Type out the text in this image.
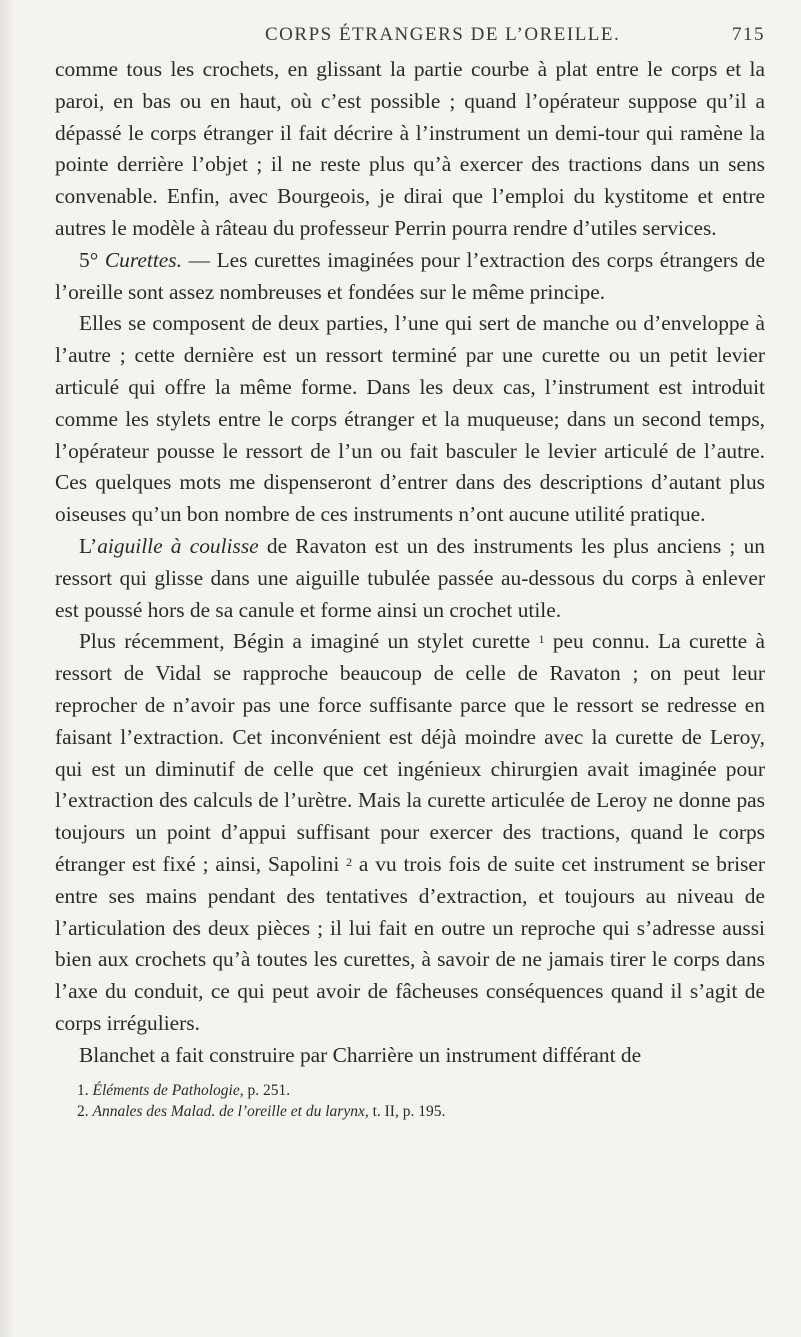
CORPS ÉTRANGERS DE L’OREILLE.	715

comme tous les crochets, en glissant la partie courbe à plat entre le corps et la paroi, en bas ou en haut, où c’est possible ; quand l’opérateur suppose qu’il a dépassé le corps étranger il fait décrire à l’instrument un demi-tour qui ramène la pointe derrière l’objet ; il ne reste plus qu’à exercer des tractions dans un sens convenable. Enfin, avec Bourgeois, je dirai que l’emploi du kystitome et entre autres le modèle à râteau du professeur Perrin pourra rendre d’utiles services.

5° Curettes. — Les curettes imaginées pour l’extraction des corps étrangers de l’oreille sont assez nombreuses et fondées sur le même principe.

Elles se composent de deux parties, l’une qui sert de manche ou d’enveloppe à l’autre ; cette dernière est un ressort terminé par une curette ou un petit levier articulé qui offre la même forme. Dans les deux cas, l’instrument est introduit comme les stylets entre le corps étranger et la muqueuse; dans un second temps, l’opérateur pousse le ressort de l’un ou fait basculer le levier articulé de l’autre. Ces quelques mots me dispenseront d’entrer dans des descriptions d’autant plus oiseuses qu’un bon nombre de ces instruments n’ont aucune utilité pratique.

L’aiguille à coulisse de Ravaton est un des instruments les plus anciens ; un ressort qui glisse dans une aiguille tubulée passée au-dessous du corps à enlever est poussé hors de sa canule et forme ainsi un crochet utile.

Plus récemment, Bégin a imaginé un stylet curette $^1$ peu connu. La curette à ressort de Vidal se rapproche beaucoup de celle de Ravaton ; on peut leur reprocher de n’avoir pas une force suffisante parce que le ressort se redresse en faisant l’extraction. Cet inconvénient est déjà moindre avec la curette de Leroy, qui est un diminutif de celle que cet ingénieux chirurgien avait imaginée pour l’extraction des calculs de l’urètre. Mais la curette articulée de Leroy ne donne pas toujours un point d’appui suffisant pour exercer des tractions, quand le corps étranger est fixé ; ainsi, Sapolini $^2$ a vu trois fois de suite cet instrument se briser entre ses mains pendant des tentatives d’extraction, et toujours au niveau de l’articulation des deux pièces ; il lui fait en outre un reproche qui s’adresse aussi bien aux crochets qu’à toutes les curettes, à savoir de ne jamais tirer le corps dans l’axe du conduit, ce qui peut avoir de fâcheuses conséquences quand il s’agit de corps irréguliers.

Blanchet a fait construire par Charrière un instrument différant de

1. Éléments de Pathologie, p. 251.
2. Annales des Malad. de l’oreille et du larynx, t. II, p. 195.
